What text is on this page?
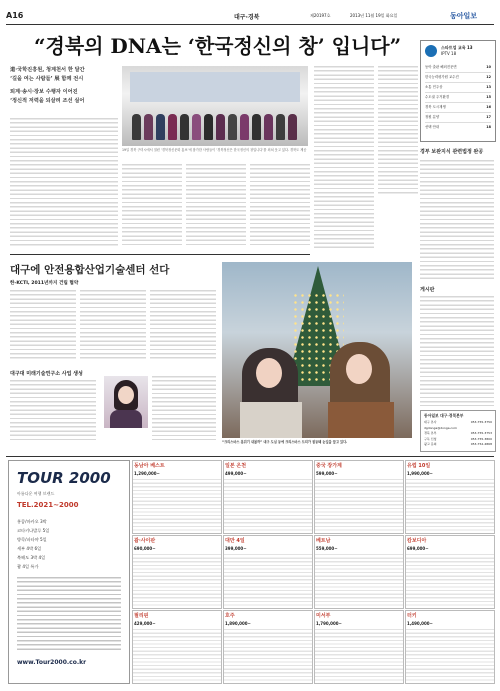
A16	대구·경북	제20197호	2013년 11월 19일 화요일	동아일보
“경북의 DNA는 ‘한국정신의 창’ 입니다”
道·국학진흥원, 청계천서 한 달간
‘길을 여는 사람들’ 展 함께 전시
퇴계·송시·장보 수행자 이어진
‘정신적 저력을 되살려 조선 실어
19일 경북 구미시에서 열린 ‘경북정신문화 홍보’에 참가한 사람들이 ‘경북정신은 한국정신의 창입니다’를 외쳐 웃고 있다. 경북도 제공
스타트업 교육 13
IPTV 18
동아 출판 해외전문면	10
한국능력평가원 교수진	12
소통 민주상	13
수도권 주거환경	15
경북 도시재생	16
정원 분양	17
선택 안내	18
경부 보완지식 관련법정 완공
대구에 안전용합산업기술센터 선다
한-KCTI, 2011년까지 건립 협약
대구대 미래기술연구소 사업 생성
“크리스마스 분위기 내볼까” 대구 도심 등에 크리스마스 트리가 점등돼 눈길을 끌고 있다.
게시판
동아일보 대구·경북본부
대구 본사	053-755-3750
dgdonga@donga.com
경북 본부	053-755-3753
구독 신청	053-755-3800
광고 문의	053-752-4868
TOUR 2000
아름다운 여행 브랜드
TEL.2021~2000
홍콩/마카오 3박
코타키나발루 5일
방콕/파타야 5일
세부 4박 6일
북해도 3박 4일
괌 4일 특가
www.Tour2000.co.kr
동남아 베스트
1,290,000~
일본 온천
499,000~
중국 장가계
599,000~
유럽 10일
1,990,000~
괌·사이판
690,000~
대만 4일
399,000~
베트남
559,000~
캄보디아
699,000~
필리핀
429,000~
호주
1,890,000~
미서부
1,790,000~
터키
1,490,000~
